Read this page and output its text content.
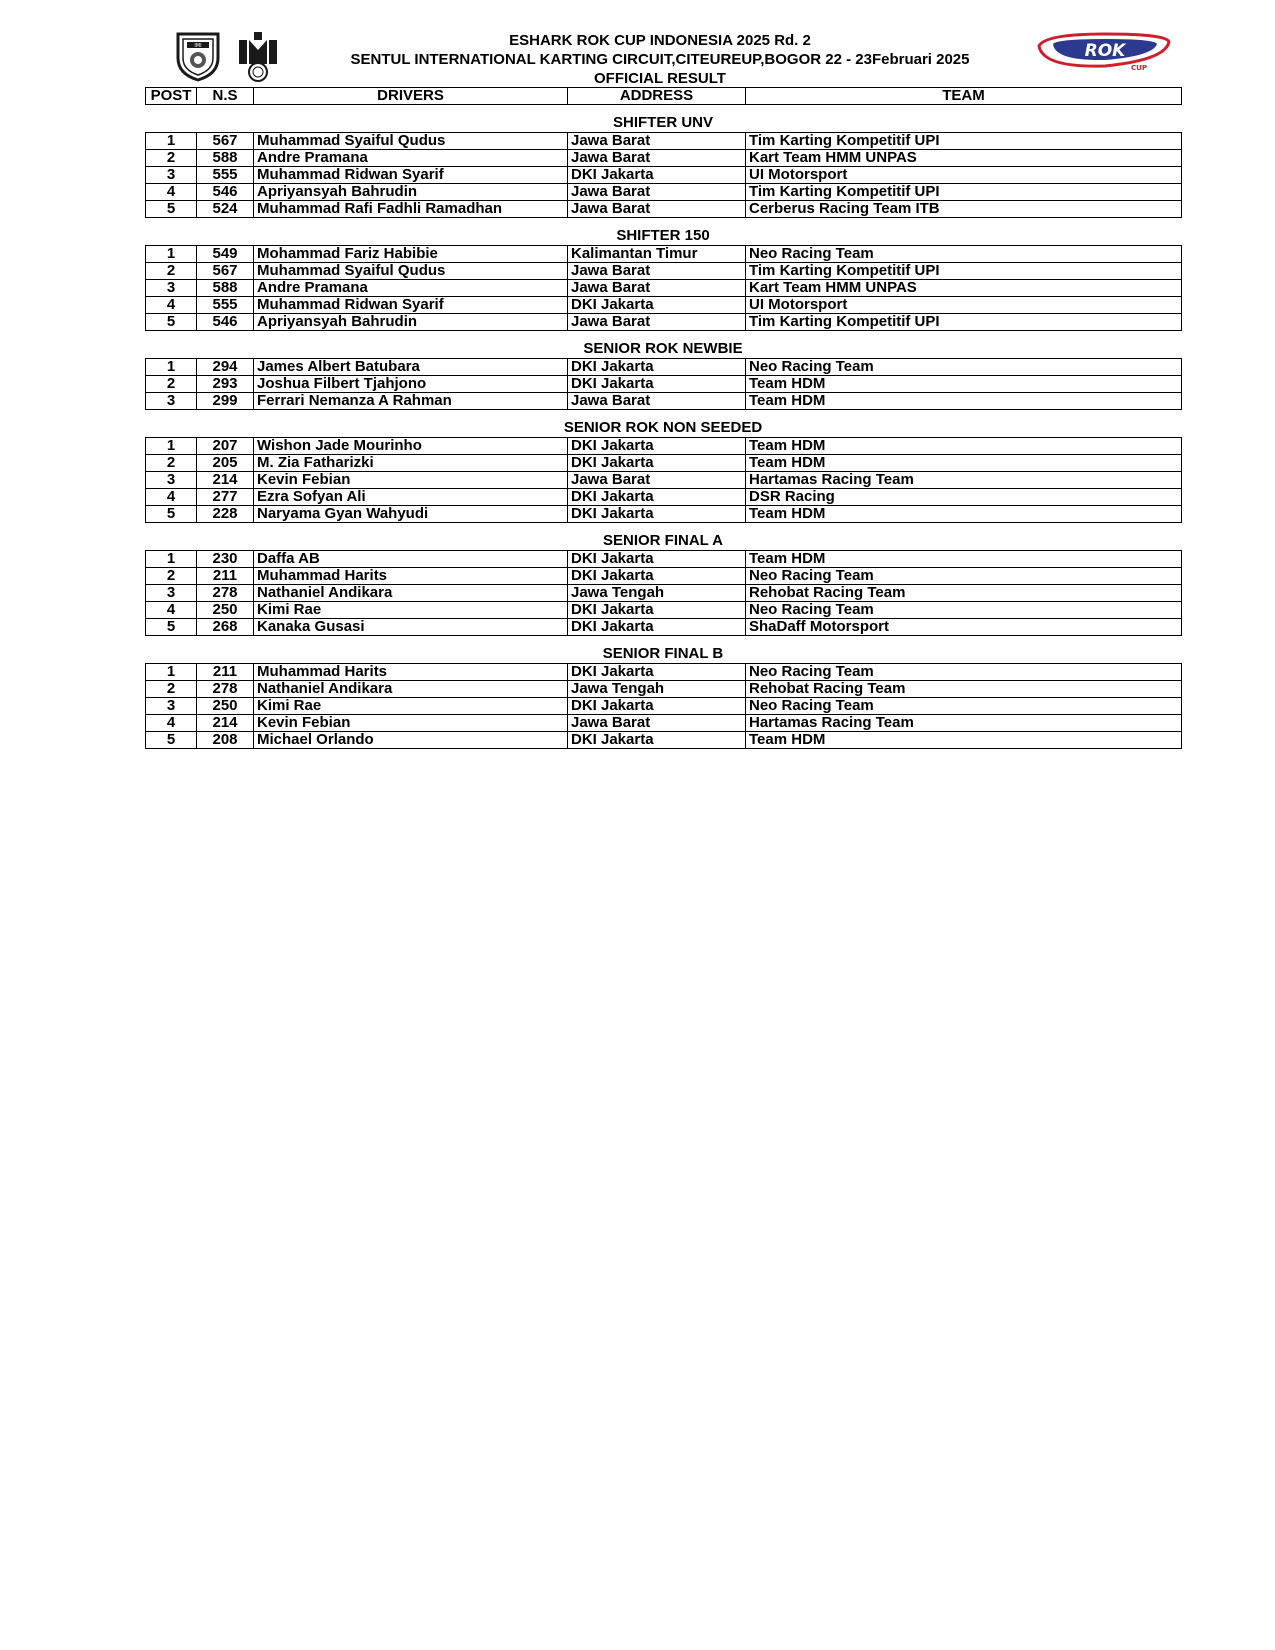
IMI	ESHARK ROK CUP INDONESIA 2025 Rd. 2
SENTUL INTERNATIONAL KARTING CIRCUIT,CITEUREUP,BOGOR 22 - 23Februari 2025
OFFICIAL RESULT
ROK
CUP
POST	N.S	DRIVERS	ADDRESS	TEAM
SHIFTER UNV
1	567	Muhammad Syaiful Qudus	Jawa Barat	Tim Karting Kompetitif UPI
2	588	Andre Pramana	Jawa Barat	Kart Team HMM UNPAS
3	555	Muhammad Ridwan Syarif	DKI Jakarta	UI Motorsport
4	546	Apriyansyah Bahrudin	Jawa Barat	Tim Karting Kompetitif UPI
5	524	Muhammad Rafi Fadhli Ramadhan	Jawa Barat	Cerberus Racing Team ITB
SHIFTER 150
1	549	Mohammad Fariz Habibie	Kalimantan Timur	Neo Racing Team
2	567	Muhammad Syaiful Qudus	Jawa Barat	Tim Karting Kompetitif UPI
3	588	Andre Pramana	Jawa Barat	Kart Team HMM UNPAS
4	555	Muhammad Ridwan Syarif	DKI Jakarta	UI Motorsport
5	546	Apriyansyah Bahrudin	Jawa Barat	Tim Karting Kompetitif UPI
SENIOR ROK NEWBIE
1	294	James Albert Batubara	DKI Jakarta	Neo Racing Team
2	293	Joshua Filbert Tjahjono	DKI Jakarta	Team HDM
3	299	Ferrari Nemanza A Rahman	Jawa Barat	Team HDM
SENIOR ROK NON SEEDED
1	207	Wishon Jade Mourinho	DKI Jakarta	Team HDM
2	205	M. Zia Fatharizki	DKI Jakarta	Team HDM
3	214	Kevin Febian	Jawa Barat	Hartamas Racing Team
4	277	Ezra Sofyan Ali	DKI Jakarta	DSR Racing
5	228	Naryama Gyan Wahyudi	DKI Jakarta	Team HDM
SENIOR FINAL A
1	230	Daffa AB	DKI Jakarta	Team HDM
2	211	Muhammad Harits	DKI Jakarta	Neo Racing Team
3	278	Nathaniel Andikara	Jawa Tengah	Rehobat Racing Team
4	250	Kimi Rae	DKI Jakarta	Neo Racing Team
5	268	Kanaka Gusasi	DKI Jakarta	ShaDaff Motorsport
SENIOR FINAL B
1	211	Muhammad Harits	DKI Jakarta	Neo Racing Team
2	278	Nathaniel Andikara	Jawa Tengah	Rehobat Racing Team
3	250	Kimi Rae	DKI Jakarta	Neo Racing Team
4	214	Kevin Febian	Jawa Barat	Hartamas Racing Team
5	208	Michael Orlando	DKI Jakarta	Team HDM
